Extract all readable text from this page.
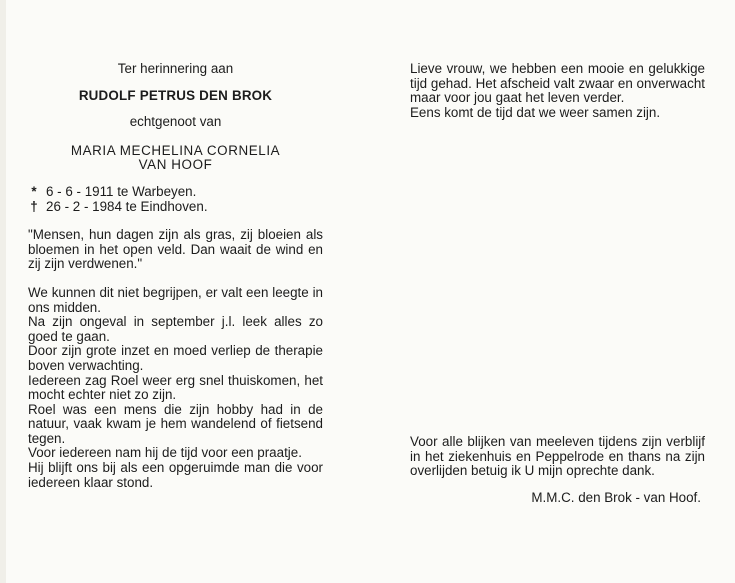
Ter herinnering aan
RUDOLF PETRUS DEN BROK
echtgenoot van
MARIA MECHELINA CORNELIA
VAN HOOF
* 6 - 6 - 1911 te Warbeyen.
† 26 - 2 - 1984 te Eindhoven.
"Mensen, hun dagen zijn als gras, zij bloeien als bloemen in het open veld. Dan waait de wind en zij zijn verdwenen."
We kunnen dit niet begrijpen, er valt een leegte in ons midden.
Na zijn ongeval in september j.l. leek alles zo goed te gaan.
Door zijn grote inzet en moed verliep de therapie boven verwachting.
Iedereen zag Roel weer erg snel thuiskomen, het mocht echter niet zo zijn.
Roel was een mens die zijn hobby had in de natuur, vaak kwam je hem wandelend of fietsend tegen.
Voor iedereen nam hij de tijd voor een praatje.
Hij blijft ons bij als een opgeruimde man die voor iedereen klaar stond.
Lieve vrouw, we hebben een mooie en gelukkige tijd gehad. Het afscheid valt zwaar en onverwacht maar voor jou gaat het leven verder.
Eens komt de tijd dat we weer samen zijn.
Voor alle blijken van meeleven tijdens zijn verblijf in het ziekenhuis en Peppelrode en thans na zijn overlijden betuig ik U mijn oprechte dank.
M.M.C. den Brok - van Hoof.
